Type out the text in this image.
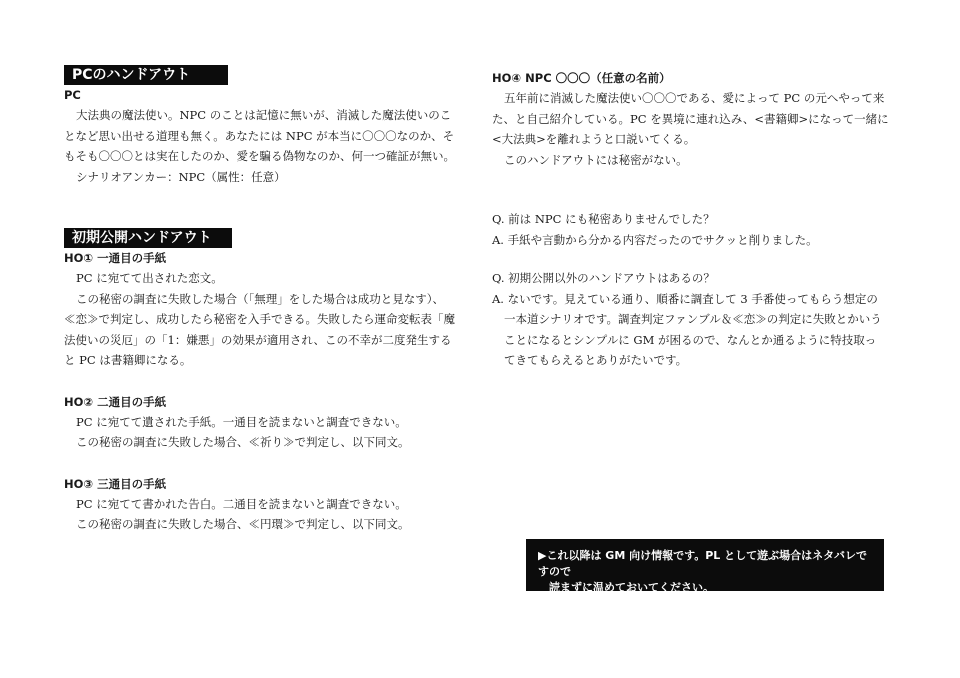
PCのハンドアウト
PC

大法典の魔法使い。NPC のことは記憶に無いが、消滅した魔法使いのこ

となど思い出せる道理も無く。あなたには NPC が本当に〇〇〇なのか、そ

もそも〇〇〇とは実在したのか、愛を騙る偽物なのか、何一つ確証が無い。

シナリオアンカー：NPC（属性：任意）

初期公開ハンドアウト
HO① 一通目の手紙

PC に宛てて出された恋文。

この秘密の調査に失敗した場合（「無理」をした場合は成功と見なす）、

≪恋≫で判定し、成功したら秘密を入手できる。失敗したら運命変転表「魔

法使いの災厄」の「1：嫌悪」の効果が適用され、この不幸が二度発生する

と PC は書籍卿になる。

HO② 二通目の手紙

PC に宛てて遺された手紙。一通目を読まないと調査できない。

この秘密の調査に失敗した場合、≪祈り≫で判定し、以下同文。

HO③ 三通目の手紙

PC に宛てて書かれた告白。二通目を読まないと調査できない。

この秘密の調査に失敗した場合、≪円環≫で判定し、以下同文。

HO④ NPC 〇〇〇（任意の名前）

五年前に消滅した魔法使い〇〇〇である、愛によって PC の元へやって来

た、と自己紹介している。PC を異境に連れ込み、<書籍卿>になって一緒に

<大法典>を離れようと口説いてくる。

このハンドアウトには秘密がない。

Q. 前は NPC にも秘密ありませんでした？

A. 手紙や言動から分かる内容だったのでサクッと削りました。

Q. 初期公開以外のハンドアウトはあるの？

A. ないです。見えている通り、順番に調査して 3 手番使ってもらう想定の

一本道シナリオです。調査判定ファンブル＆≪恋≫の判定に失敗とかいう

ことになるとシンプルに GM が困るので、なんとか通るように特技取っ

てきてもらえるとありがたいです。

▶これ以降は GM 向け情報です。PL として遊ぶ場合はネタバレですので
読まずに温めておいてください。
